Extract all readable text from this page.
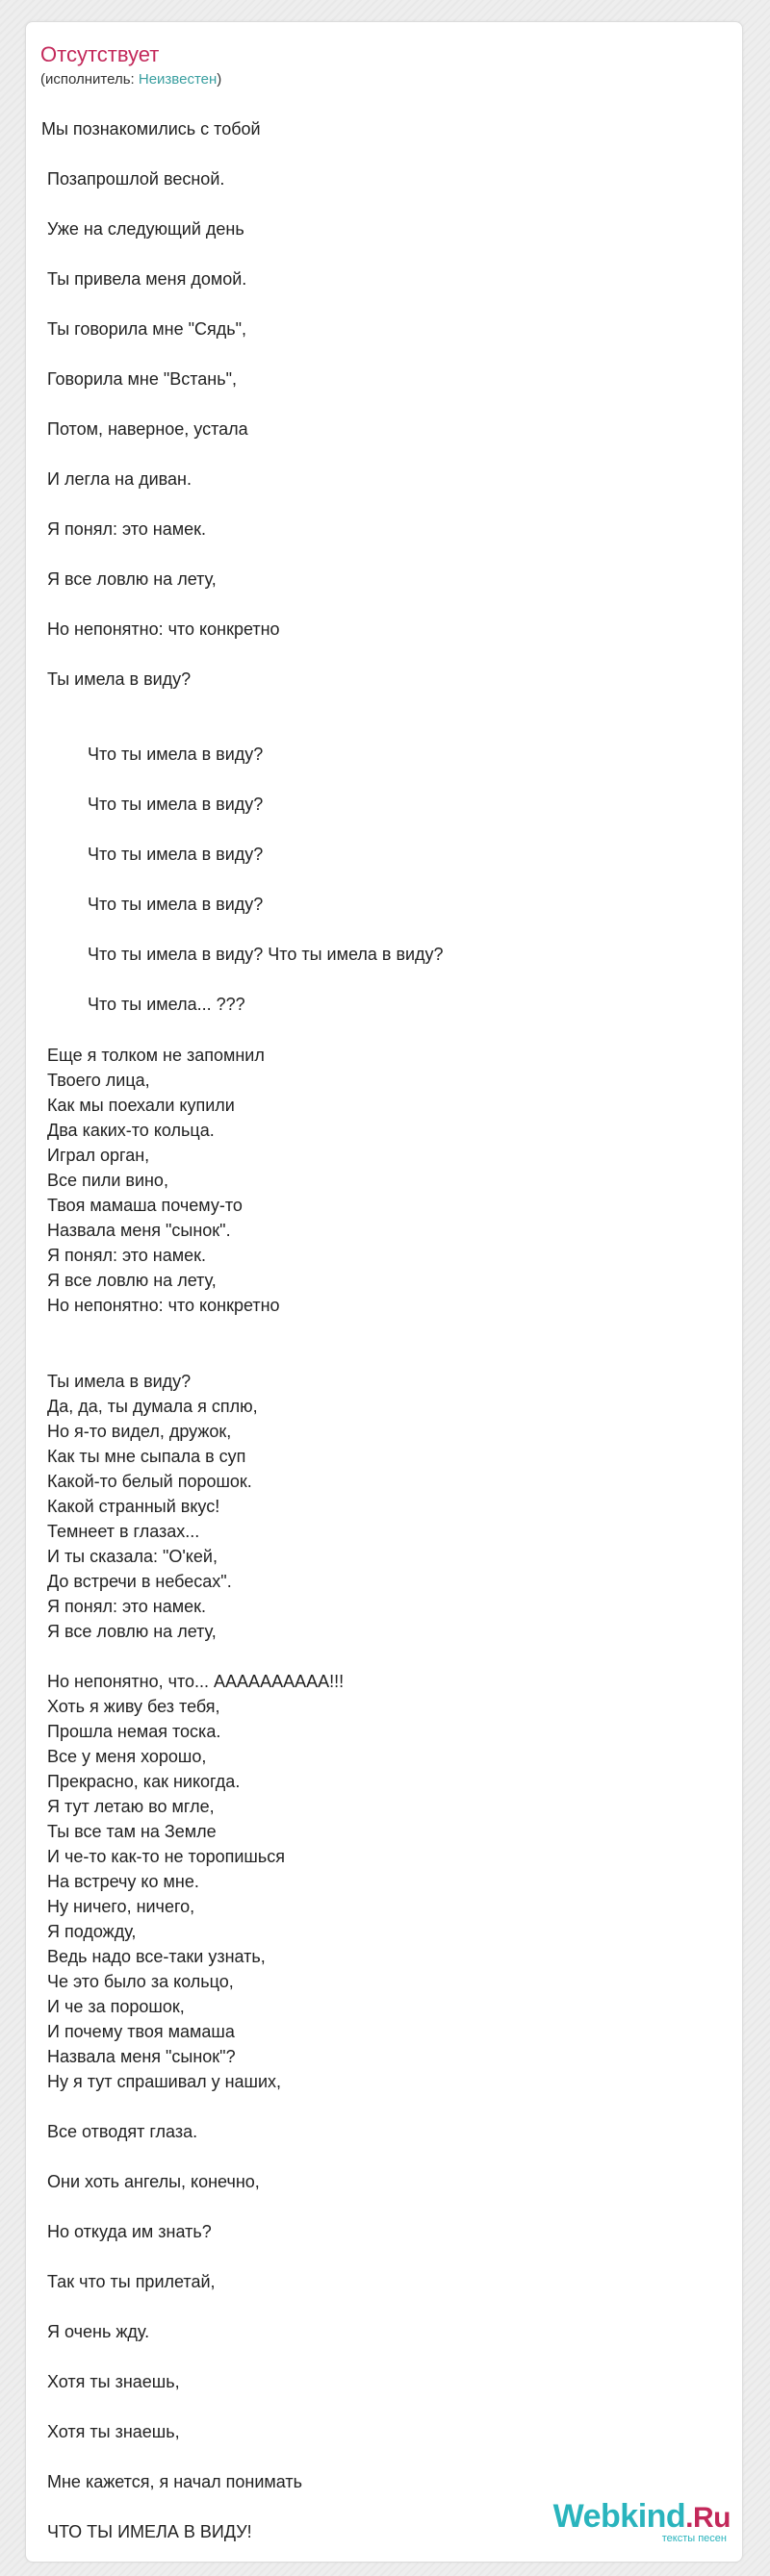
Отсутствует
(исполнитель: Неизвестен)
Мы познакомились с тобой
Позапрошлой весной.
Уже на следующий день
Ты привела меня домой.
Ты говорила мне "Сядь",
Говорила мне "Встань",
Потом, наверное, устала
И легла на диван.
Я понял: это намек.
Я все ловлю на лету,
Но непонятно: что конкретно
Ты имела в виду?
Что ты имела в виду?
Что ты имела в виду?
Что ты имела в виду?
Что ты имела в виду?
Что ты имела в виду? Что ты имела в виду?
Что ты имела... ???
Еще я толком не запомнил
Твоего лица,
Как мы поехали купили
Два каких-то кольца.
Играл орган,
Все пили вино,
Твоя мамаша почему-то
Назвала меня "сынок".
Я понял: это намек.
Я все ловлю на лету,
Но непонятно: что конкретно
Ты имела в виду?
Да, да, ты думала я сплю,
Но я-то видел, дружок,
Как ты мне сыпала в суп
Какой-то белый порошок.
Какой странный вкус!
Темнеет в глазах...
И ты сказала: "О'кей,
До встречи в небесах".
Я понял: это намек.
Я все ловлю на лету,
Но непонятно, что... АААААААААА!!!
Хоть я живу без тебя,
Прошла немая тоска.
Все у меня хорошо,
Прекрасно, как никогда.
Я тут летаю во мгле,
Ты все там на Земле
И че-то как-то не торопишься
На встречу ко мне.
Ну ничего, ничего,
Я подожду,
Ведь надо все-таки узнать,
Че это было за кольцо,
И че за порошок,
И почему твоя мамаша
Назвала меня "сынок"?
Ну я тут спрашивал у наших,
Все отводят глаза.
Они хоть ангелы, конечно,
Но откуда им знать?
Так что ты прилетай,
Я очень жду.
Хотя ты знаешь,
Хотя ты знаешь,
Мне кажется, я начал понимать
ЧТО ТЫ ИМЕЛА В ВИДУ!	Webkind.Ru
тексты песен
